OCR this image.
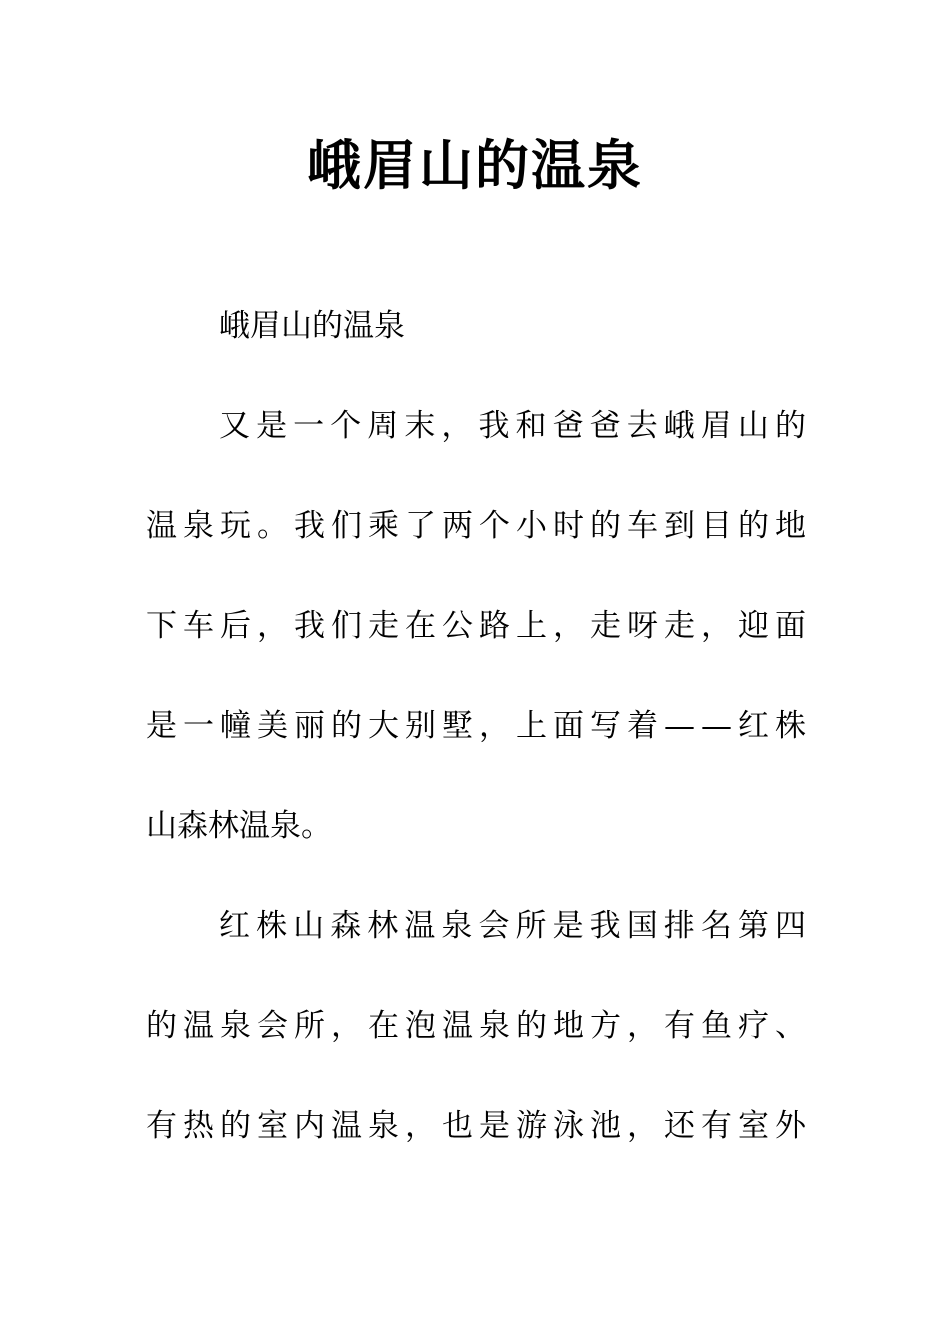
峨眉山的温泉
峨眉山的温泉
又 是 一 个 周 末 ， 我 和 爸 爸 去 峨 眉 山 的
温 泉 玩 。 我 们 乘 了 两 个 小 时 的 车 到 目 的 地
下 车 后 ， 我 们 走 在 公 路 上 ， 走 呀 走 ， 迎 面
是 一 幢 美 丽 的 大 别 墅 ， 上 面 写 着 — — 红 株
山森林温泉。
红 株 山 森 林 温 泉 会 所 是 我 国 排 名 第 四
的 温 泉 会 所 ， 在 泡 温 泉 的 地 方 ， 有 鱼 疗 、
有 热 的 室 内 温 泉 ， 也 是 游 泳 池 ， 还 有 室 外
